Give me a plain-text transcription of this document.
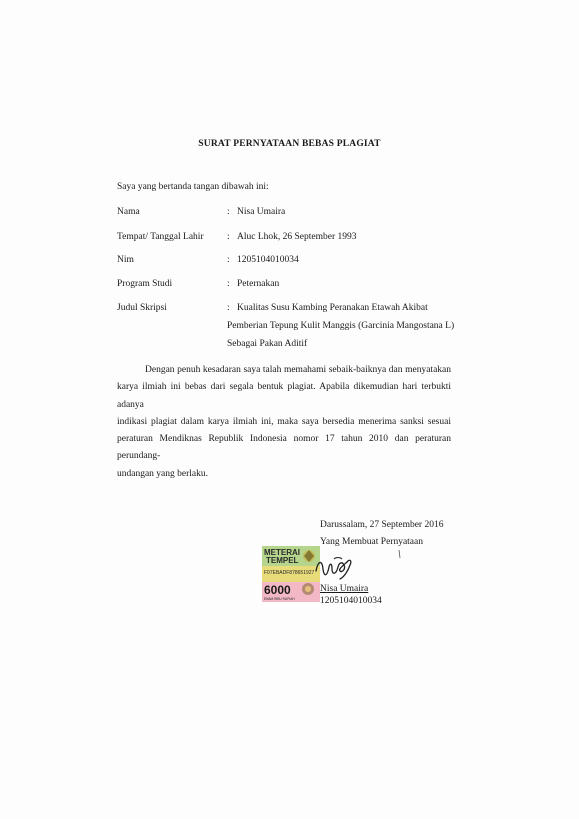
SURAT PERNYATAAN BEBAS PLAGIAT
Saya yang bertanda tangan dibawah ini:
Nama	: Nisa Umaira
Tempat/ Tanggal Lahir : Aluc Lhok, 26 September 1993
Nim	: 1205104010034
Program Studi	: Peternakan
Judul Skripsi	: Kualitas Susu Kambing Peranakan Etawah Akibat
Pemberian Tepung Kulit Manggis (Garcinia Mangostana L)
Sebagai Pakan Aditif
Dengan penuh kesadaran saya talah memahami sebaik-baiknya dan menyatakan
karya ilmiah ini bebas dari segala bentuk plagiat. Apabila dikemudian hari terbukti adanya
indikasi plagiat dalam karya ilmiah ini, maka saya bersedia menerima sanksi sesuai
peraturan Mendiknas Republik Indonesia nomor 17 tahun 2010 dan peraturan perundang-
undangan yang berlaku.
Darussalam, 27 September 2016
Yang Membuat Pernyataan
Nisa Umaira
1205104010034
METERAI
TEMPEL
F07EBADF878651927
6000
ENAM RIBU RUPIAH
